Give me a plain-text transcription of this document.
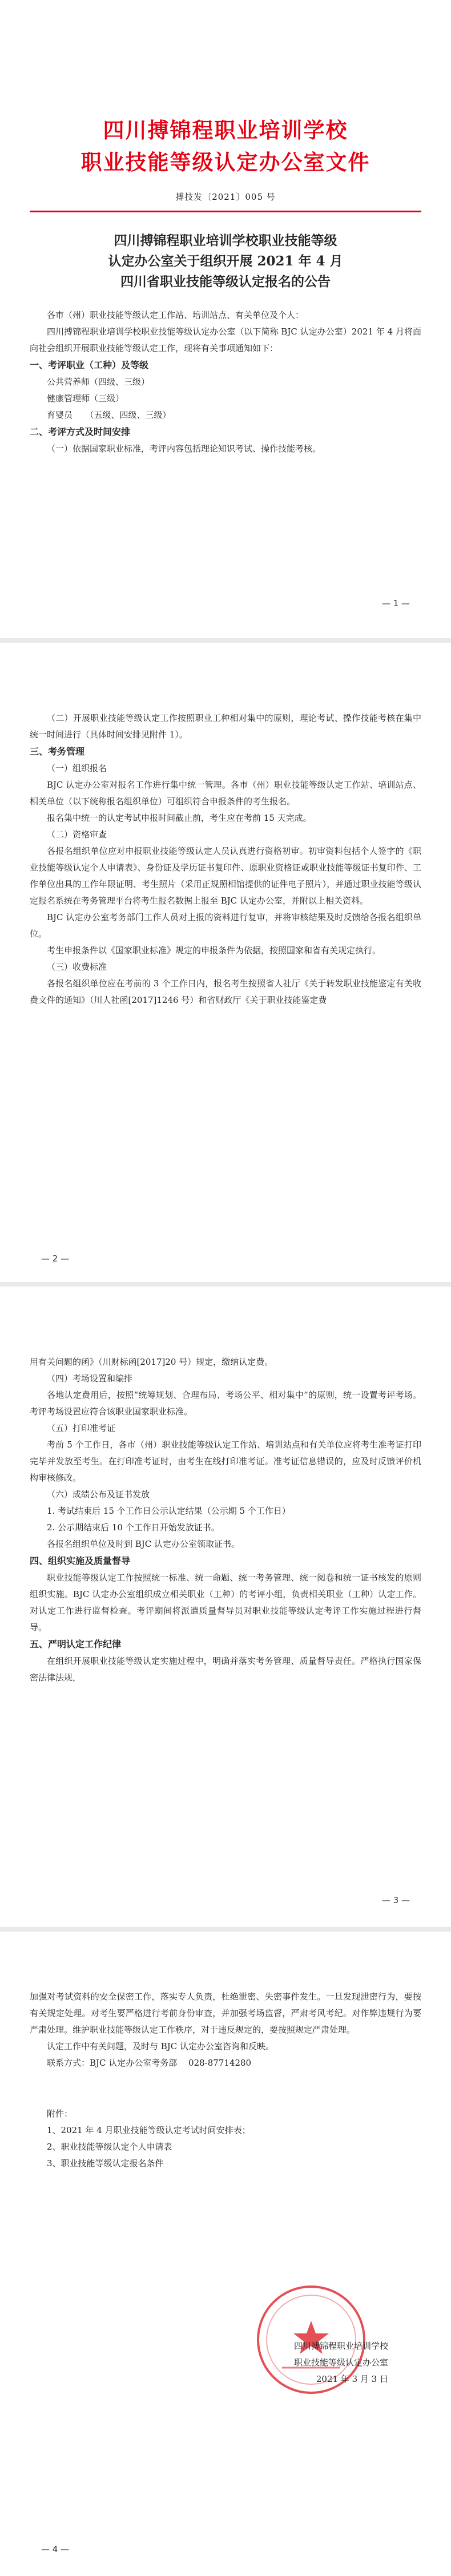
四川搏锦程职业培训学校
职业技能等级认定办公室文件
搏技发〔2021〕005 号
四川搏锦程职业培训学校职业技能等级
认定办公室关于组织开展 2021 年 4 月
四川省职业技能等级认定报名的公告

各市（州）职业技能等级认定工作站、培训站点、有关单位及个人：

四川搏锦程职业培训学校职业技能等级认定办公室（以下简称 BJC 认定办公室）2021 年 4 月将面向社会组织开展职业技能等级认定工作，现将有关事项通知如下：

一、考评职业（工种）及等级

公共营养师（四级、三级）

健康管理师（三级）

育婴员　　（五级、四级、三级）

二、考评方式及时间安排

（一）依据国家职业标准，考评内容包括理论知识考试、操作技能考核。

— 1 —

（二）开展职业技能等级认定工作按照职业工种相对集中的原则，理论考试、操作技能考核在集中统一时间进行（具体时间安排见附件 1）。

三、考务管理

（一）组织报名

BJC 认定办公室对报名工作进行集中统一管理。各市（州）职业技能等级认定工作站、培训站点、相关单位（以下统称报名组织单位）可组织符合申报条件的考生报名。

报名集中统一的认定考试申报时间截止前，考生应在考前 15 天完成。

（二）资格审查

各报名组织单位应对申报职业技能等级认定人员认真进行资格初审。初审资料包括个人签字的《职业技能等级认定个人申请表》、身份证及学历证书复印件、原职业资格证或职业技能等级证书复印件、工作单位出具的工作年限证明、考生照片（采用正规照相馆提供的证件电子照片），并通过职业技能等级认定报名系统在考务管理平台将考生报名数据上报至 BJC 认定办公室，并附以上相关资料。

BJC 认定办公室考务部门工作人员对上报的资料进行复审，并将审核结果及时反馈给各报名组织单位。

考生申报条件以《国家职业标准》规定的申报条件为依据，按照国家和省有关规定执行。

（三）收费标准

各报名组织单位应在考前的 3 个工作日内，报名考生按照省人社厅《关于转发职业技能鉴定有关收费文件的通知》（川人社函[2017]1246 号）和省财政厅《关于职业技能鉴定费

— 2 —

用有关问题的函》（川财标函[2017]20 号）规定，缴纳认定费。

（四）考场设置和编排

各地认定费用后，按照“统筹规划、合理布局、考场公平、相对集中”的原则，统一设置考评考场。考评考场设置应符合该职业国家职业标准。

（五）打印准考证

考前 5 个工作日，各市（州）职业技能等级认定工作站、培训站点和有关单位应将考生准考证打印完毕并发放至考生。在打印准考证时，由考生在线打印准考证。准考证信息错误的，应及时反馈评价机构审核修改。

（六）成绩公布及证书发放

1. 考试结束后 15 个工作日公示认定结果（公示期 5 个工作日）

2. 公示期结束后 10 个工作日开始发放证书。

各报名组织单位及时到 BJC 认定办公室领取证书。

四、组织实施及质量督导

职业技能等级认定工作按照统一标准、统一命题、统一考务管理、统一阅卷和统一证书核发的原则组织实施。BJC 认定办公室组织成立相关职业（工种）的考评小组，负责相关职业（工种）认定工作。对认定工作进行监督检查。考评期间将派遣质量督导员对职业技能等级认定考评工作实施过程进行督导。

五、严明认定工作纪律

在组织开展职业技能等级认定实施过程中，明确并落实考务管理、质量督导责任。严格执行国家保密法律法规，

— 3 —

加强对考试资料的安全保密工作，落实专人负责，杜绝泄密、失密事件发生。一旦发现泄密行为，要按有关规定处理。对考生要严格进行考前身份审查，并加强考场监督，严肃考风考纪。对作弊违规行为要严肃处理。维护职业技能等级认定工作秩序，对于违反规定的，要按照规定严肃处理。

认定工作中有关问题，及时与 BJC 认定办公室咨询和反映。

联系方式：BJC 认定办公室考务部　 028-87714280

附件：

1、2021 年 4 月职业技能等级认定考试时间安排表；

2、职业技能等级认定个人申请表

3、职业技能等级认定报名条件

四川搏锦程职业培训学校
职业技能等级认定办公室
2021 年 3 月 3 日
— 4 —
